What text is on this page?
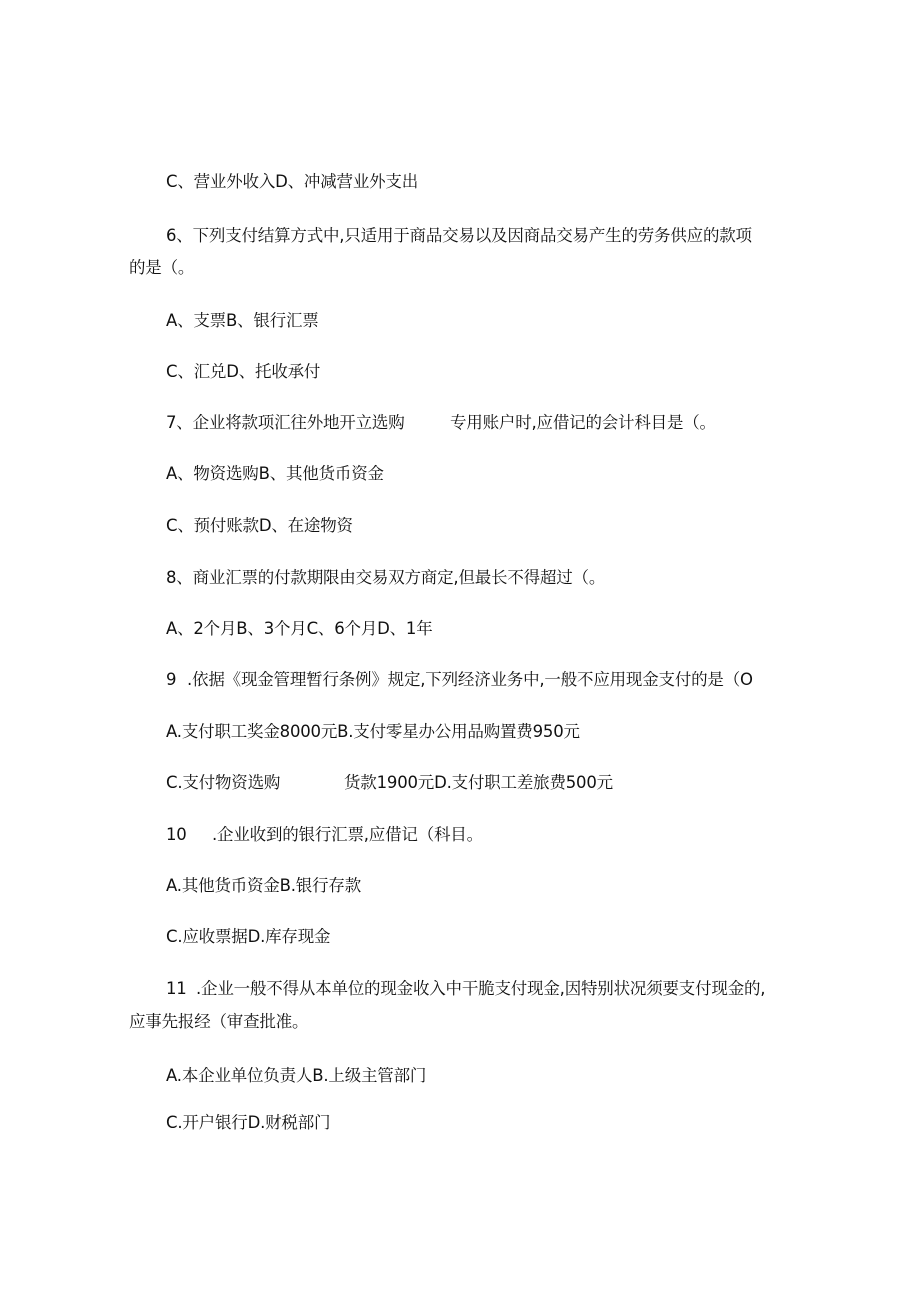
C、营业外收入D、冲减营业外支出
6、下列支付结算方式中,只适用于商品交易以及因商品交易产生的劳务供应的款项
的是（。
A、支票B、银行汇票
C、汇兑D、托收承付
7、企业将款项汇往外地开立选购	专用账户时,应借记的会计科目是（。
A、物资选购B、其他货币资金
C、预付账款D、在途物资
8、商业汇票的付款期限由交易双方商定,但最长不得超过（。
A、2个月B、3个月C、6个月D、1年
9 .依据《现金管理暂行条例》规定,下列经济业务中,一般不应用现金支付的是（O
A.支付职工奖金8000元B.支付零星办公用品购置费950元
C.支付物资选购	货款1900元D.支付职工差旅费500元
10 .企业收到的银行汇票,应借记（科目。
A.其他货币资金B.银行存款
C.应收票据D.库存现金
11 .企业一般不得从本单位的现金收入中干脆支付现金,因特别状况须要支付现金的,
应事先报经（审查批准。
A.本企业单位负责人B.上级主管部门
C.开户银行D.财税部门
